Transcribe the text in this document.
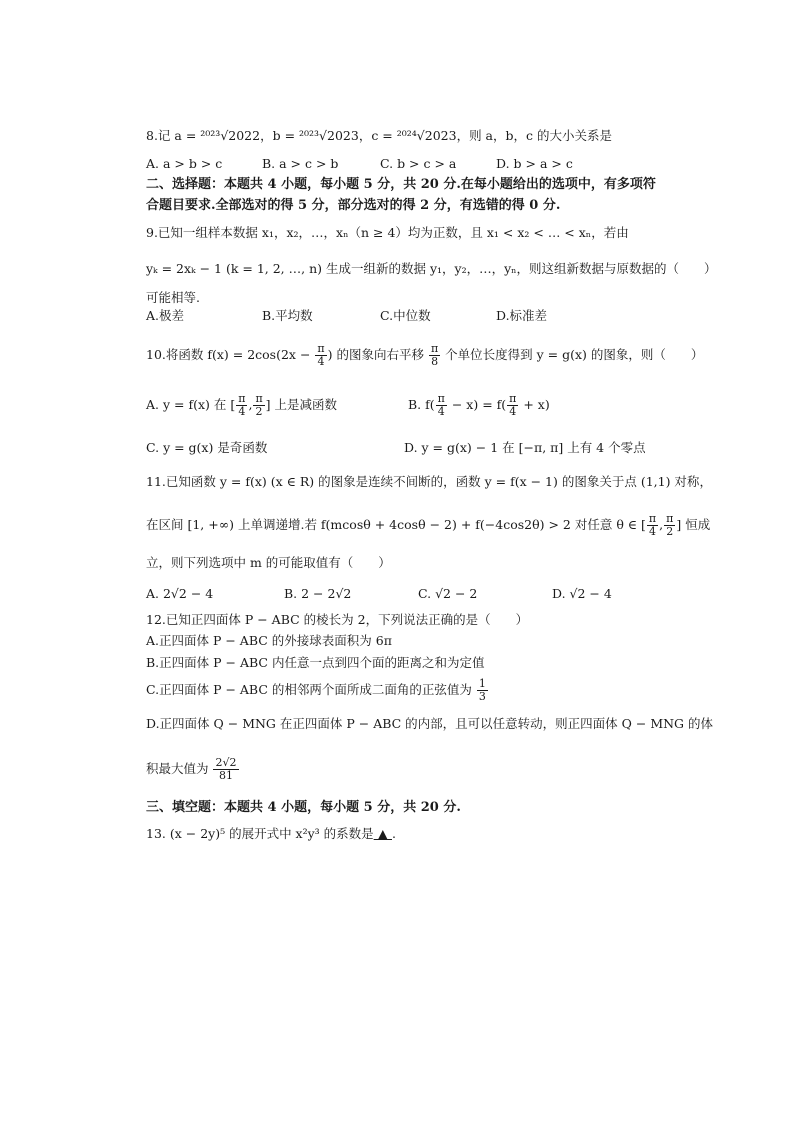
8.记 a = ²⁰²³√2022，b = ²⁰²³√2023，c = ²⁰²⁴√2023，则 a，b，c 的大小关系是
A. a > b > c	B. a > c > b	C. b > c > a	D. b > a > c
二、选择题：本题共 4 小题，每小题 5 分，共 20 分.在每小题给出的选项中，有多项符
合题目要求.全部选对的得 5 分，部分选对的得 2 分，有选错的得 0 分.
9.已知一组样本数据 x₁，x₂，…，xₙ（n ≥ 4）均为正数，且 x₁ < x₂ < … < xₙ，若由
yₖ = 2xₖ − 1 (k = 1, 2, …, n) 生成一组新的数据 y₁，y₂，…，yₙ，则这组新数据与原数据的（　　）
可能相等.
A.极差	B.平均数	C.中位数	D.标准差
10.将函数 $f(x) = 2\cos(2x - \frac{\pi}{4}$ ) 的图象向右平移 $\frac{\pi}{8}$ 个单位长度得到 y = g(x) 的图象，则（　　）
A. y = f(x) 在 [ $\frac{\pi}{4}$ , $\frac{\pi}{2}$ ] 上是减函数	B. $f( \frac{\pi}{4} - x) = f( \frac{\pi}{4} + x)$
C. y = g(x) 是奇函数	D. y = g(x) − 1 在 [−π, π] 上有 4 个零点
11.已知函数 y = f(x) (x ∈ R) 的图象是连续不间断的，函数 y = f(x − 1) 的图象关于点 (1,1) 对称，
在区间 [1, +∞) 上单调递增.若 f(mcosθ + 4cosθ − 2) + f(−4cos2θ) > 2 对任意 θ ∈ [ $\frac{\pi}{4}$ , $\frac{\pi}{2}$ ] 恒成
立，则下列选项中 m 的可能取值有（　　）
A. 2√2 − 4	B. 2 − 2√2	C. √2 − 2	D. √2 − 4
12.已知正四面体 P − ABC 的棱长为 2，下列说法正确的是（　　）
A.正四面体 P − ABC 的外接球表面积为 6π
B.正四面体 P − ABC 内任意一点到四个面的距离之和为定值
C.正四面体 P − ABC 的相邻两个面所成二面角的正弦值为 $\frac{1}{3}$
D.正四面体 Q − MNG 在正四面体 P − ABC 的内部，且可以任意转动，则正四面体 Q − MNG 的体
积最大值为 $\frac{2√2}{81}$
三、填空题：本题共 4 小题，每小题 5 分，共 20 分.
13. (x − 2y)⁵ 的展开式中 x²y³ 的系数是 ▲ .
